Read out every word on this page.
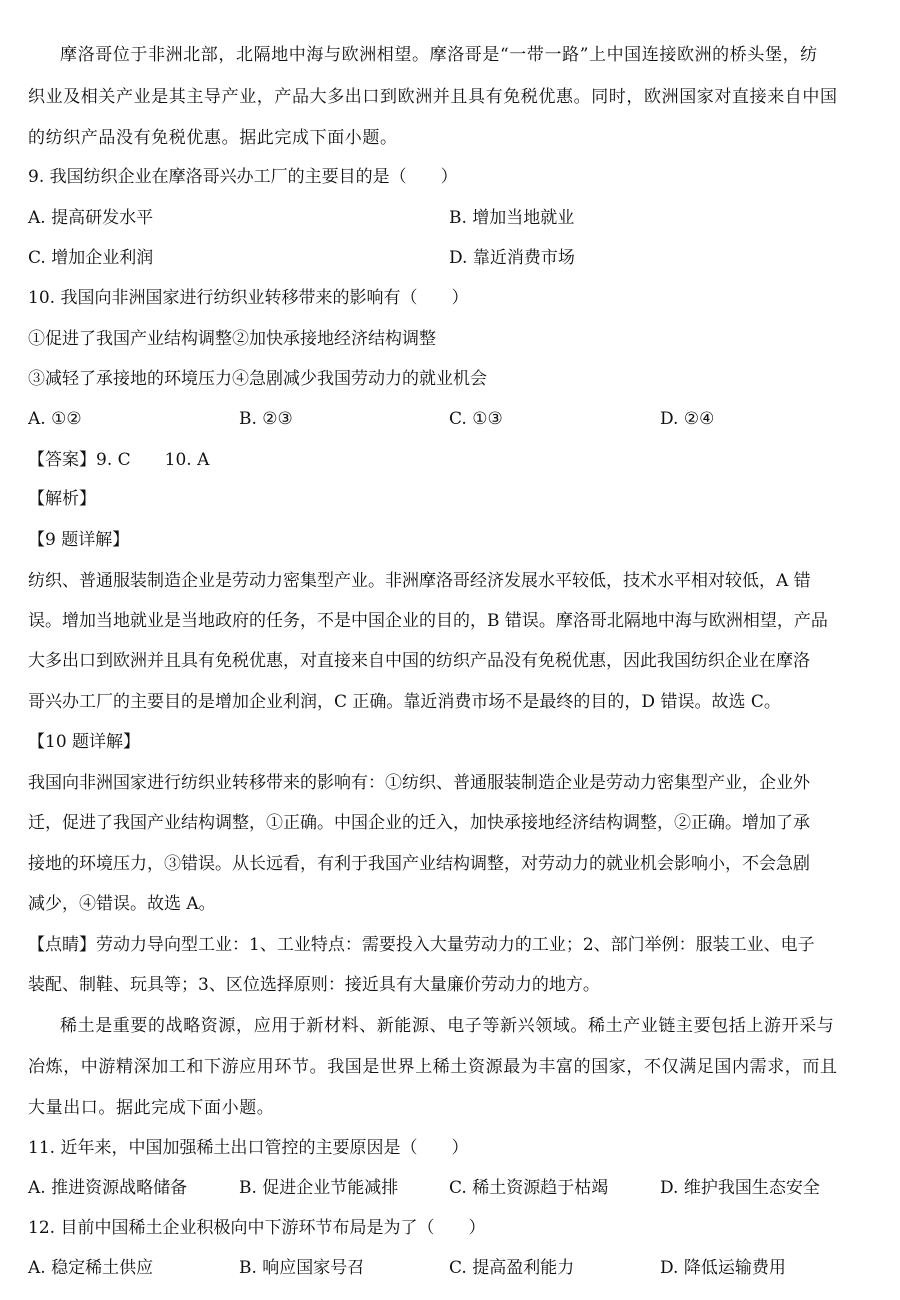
摩洛哥位于非洲北部，北隔地中海与欧洲相望。摩洛哥是“一带一路”上中国连接欧洲的桥头堡，纺
织业及相关产业是其主导产业，产品大多出口到欧洲并且具有免税优惠。同时，欧洲国家对直接来自中国
的纺织产品没有免税优惠。据此完成下面小题。
9. 我国纺织企业在摩洛哥兴办工厂的主要目的是（　　）
A. 提高研发水平	B. 增加当地就业
C. 增加企业利润	D. 靠近消费市场
10. 我国向非洲国家进行纺织业转移带来的影响有（　　）
①促进了我国产业结构调整②加快承接地经济结构调整
③减轻了承接地的环境压力④急剧减少我国劳动力的就业机会
A. ①②	B. ②③	C. ①③	D. ②④
【答案】9. C　　10. A
【解析】
【9 题详解】
纺织、普通服装制造企业是劳动力密集型产业。非洲摩洛哥经济发展水平较低，技术水平相对较低，A 错
误。增加当地就业是当地政府的任务，不是中国企业的目的，B 错误。摩洛哥北隔地中海与欧洲相望，产品
大多出口到欧洲并且具有免税优惠，对直接来自中国的纺织产品没有免税优惠，因此我国纺织企业在摩洛
哥兴办工厂的主要目的是增加企业利润，C 正确。靠近消费市场不是最终的目的，D 错误。故选 C。
【10 题详解】
我国向非洲国家进行纺织业转移带来的影响有：①纺织、普通服装制造企业是劳动力密集型产业，企业外
迁，促进了我国产业结构调整，①正确。中国企业的迁入，加快承接地经济结构调整，②正确。增加了承
接地的环境压力，③错误。从长远看，有利于我国产业结构调整，对劳动力的就业机会影响小，不会急剧
减少，④错误。故选 A。
【点睛】劳动力导向型工业：1、工业特点：需要投入大量劳动力的工业；2、部门举例：服装工业、电子
装配、制鞋、玩具等；3、区位选择原则：接近具有大量廉价劳动力的地方。
稀土是重要的战略资源，应用于新材料、新能源、电子等新兴领域。稀土产业链主要包括上游开采与
冶炼，中游精深加工和下游应用环节。我国是世界上稀土资源最为丰富的国家，不仅满足国内需求，而且
大量出口。据此完成下面小题。
11. 近年来，中国加强稀土出口管控的主要原因是（　　）
A. 推进资源战略储备	B. 促进企业节能减排	C. 稀土资源趋于枯竭	D. 维护我国生态安全
12. 目前中国稀土企业积极向中下游环节布局是为了（　　）
A. 稳定稀土供应	B. 响应国家号召	C. 提高盈利能力	D. 降低运输费用
